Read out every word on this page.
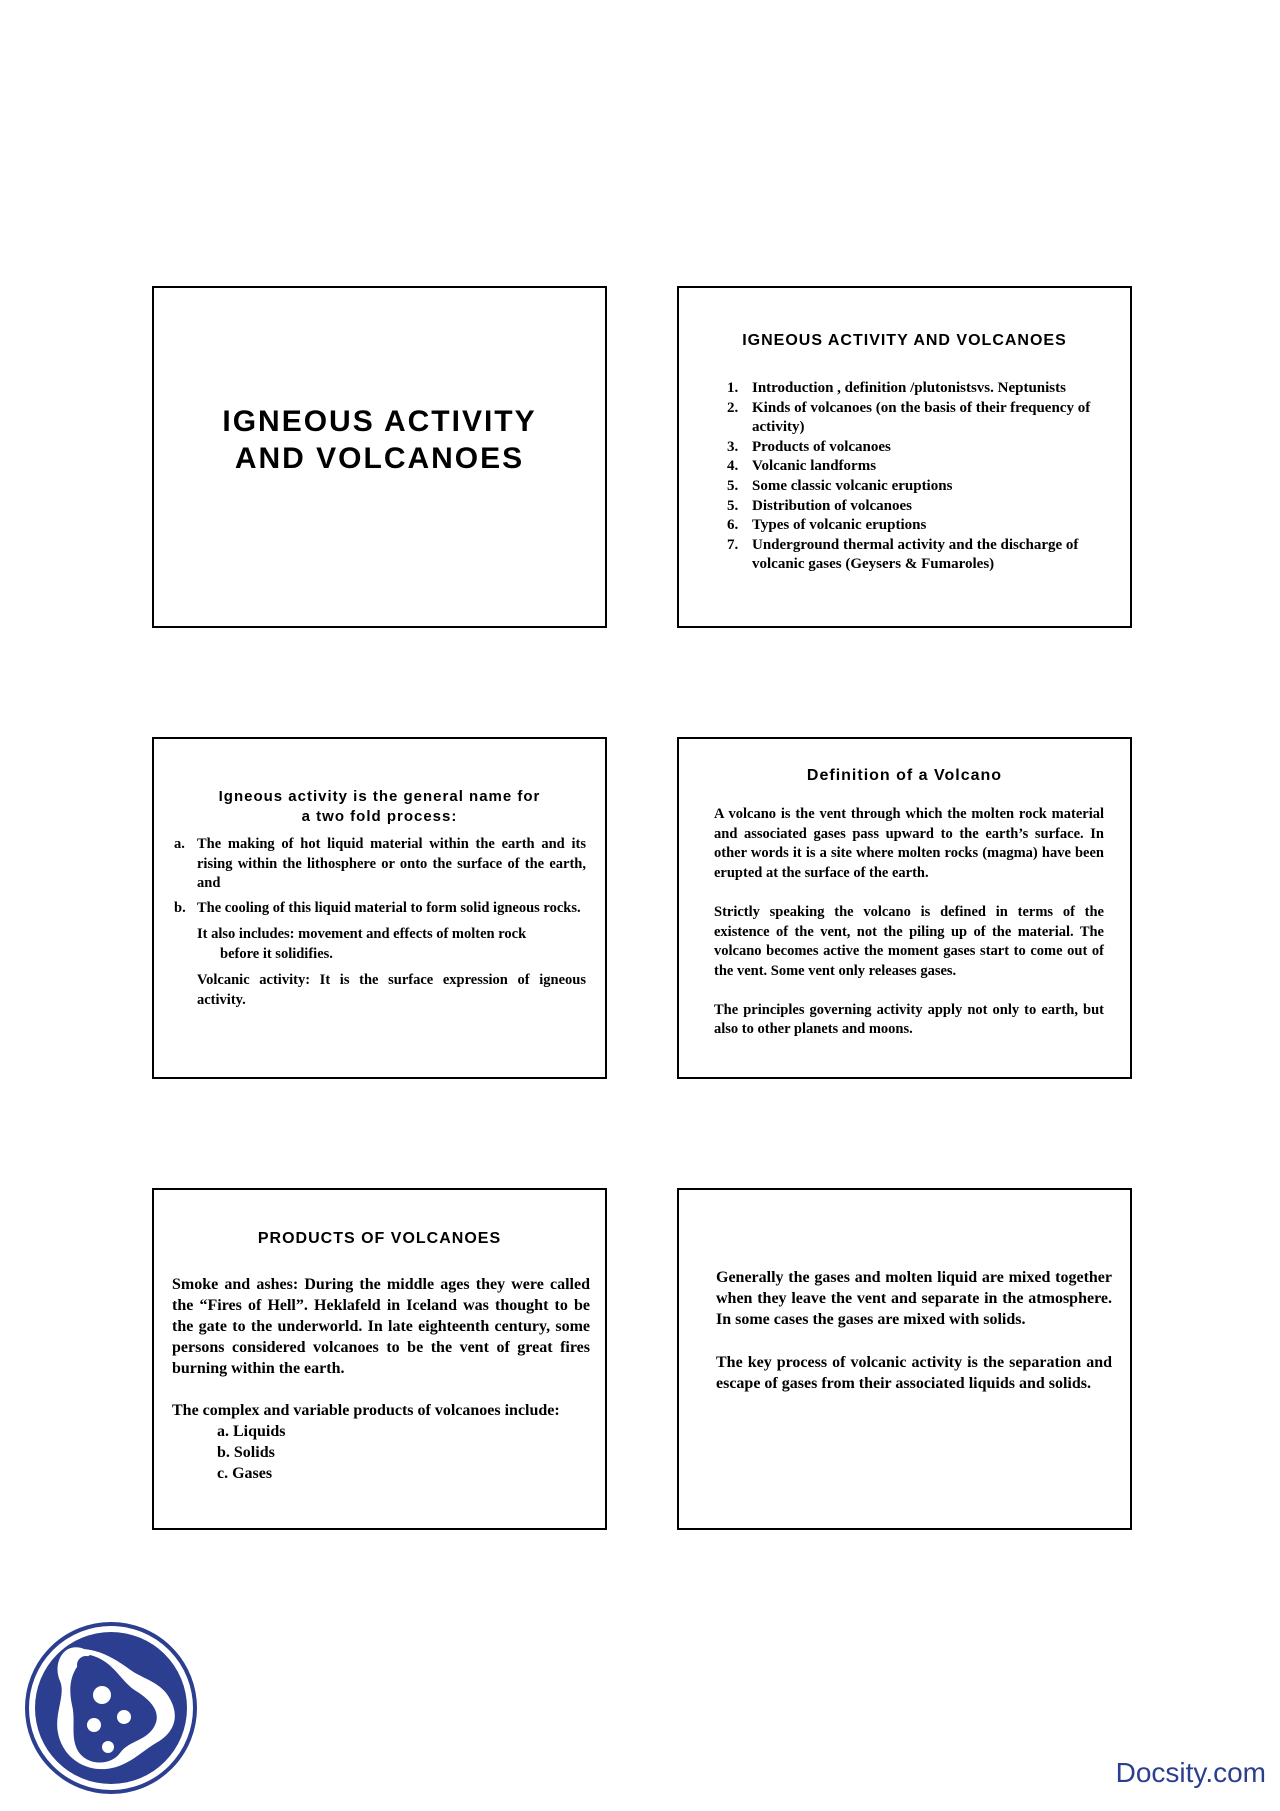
IGNEOUS ACTIVITY
AND VOLCANOES
IGNEOUS ACTIVITY AND VOLCANOES
1. Introduction , definition /plutonistsvs. Neptunists
2. Kinds of volcanoes (on the basis of their frequency of activity)
3. Products of volcanoes
4. Volcanic landforms
5. Some classic volcanic eruptions
5. Distribution of volcanoes
6. Types of volcanic eruptions
7. Underground thermal activity and the discharge of volcanic gases (Geysers & Fumaroles)
Igneous activity is the general name for
a two fold process:
a. The making of hot liquid material within the earth and its rising within the lithosphere or onto the surface of the earth, and
b. The cooling of this liquid material to form solid igneous rocks.
It also includes: movement and effects of molten rock
before it solidifies.
Volcanic activity: It is the surface expression of igneous activity.
Definition of a Volcano

A volcano is the vent through which the molten rock material and associated gases pass upward to the earth’s surface. In other words it is a site where molten rocks (magma) have been erupted at the surface of the earth.

Strictly speaking the volcano is defined in terms of the existence of the vent, not the piling up of the material. The volcano becomes active the moment gases start to come out of the vent. Some vent only releases gases.

The principles governing activity apply not only to earth, but also to other planets and moons.

PRODUCTS OF VOLCANOES

Smoke and ashes: During the middle ages they were called the “Fires of Hell”. Heklafeld in Iceland was thought to be the gate to the underworld. In late eighteenth century, some persons considered volcanoes to be the vent of great fires burning within the earth.

The complex and variable products of volcanoes include:

a. Liquids
b. Solids
c. Gases

Generally the gases and molten liquid are mixed together when they leave the vent and separate in the atmosphere. In some cases the gases are mixed with solids.

The key process of volcanic activity is the separation and escape of gases from their associated liquids and solids.

Docsity.com
